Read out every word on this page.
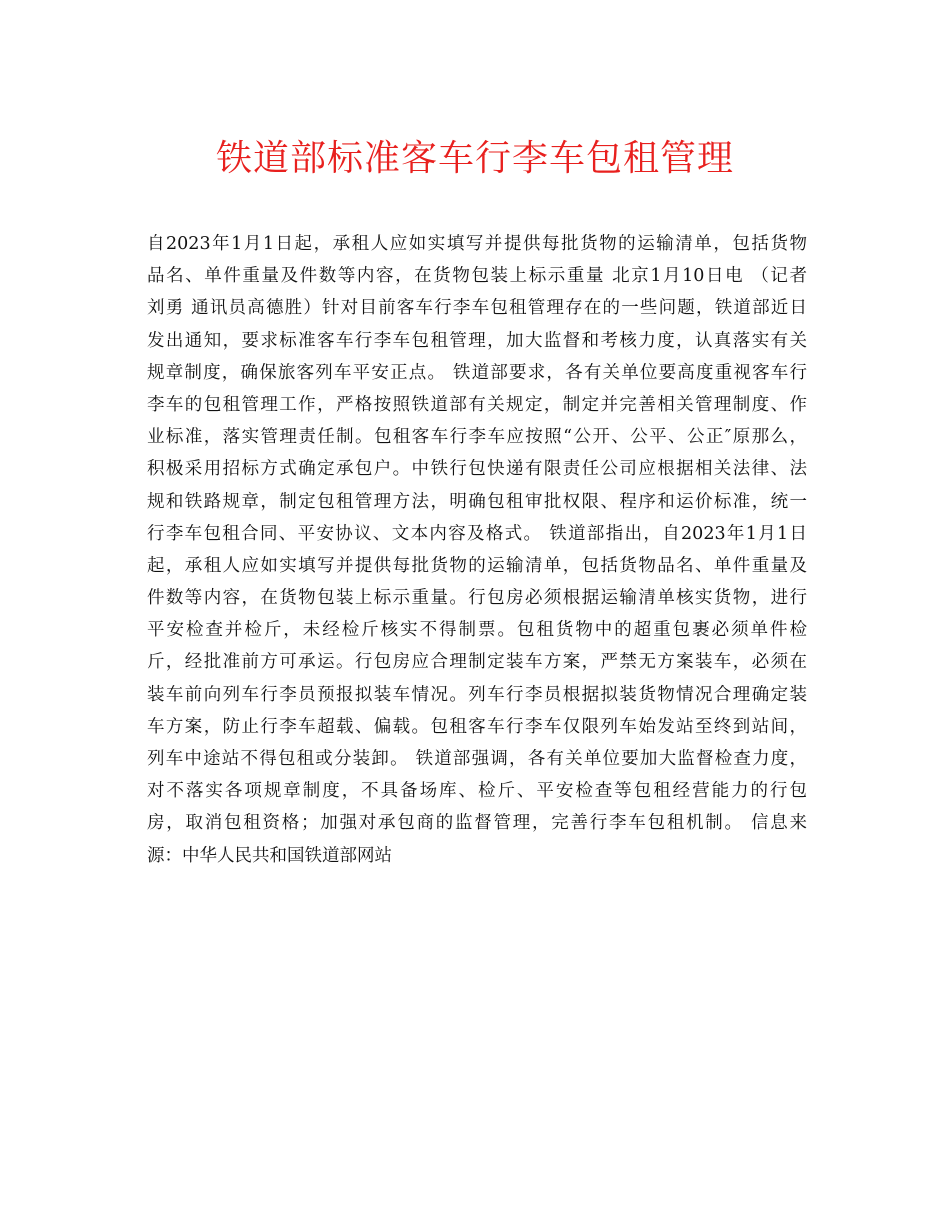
铁道部标准客车行李车包租管理
自2023年1月1日起，承租人应如实填写并提供每批货物的运输清单，包括货物
品名、单件重量及件数等内容，在货物包装上标示重量 北京1月10日电 （记者
刘勇 通讯员高德胜）针对目前客车行李车包租管理存在的一些问题，铁道部近日
发出通知，要求标准客车行李车包租管理，加大监督和考核力度，认真落实有关
规章制度，确保旅客列车平安正点。 铁道部要求，各有关单位要高度重视客车行
李车的包租管理工作，严格按照铁道部有关规定，制定并完善相关管理制度、作
业标准，落实管理责任制。包租客车行李车应按照“公开、公平、公正″原那么，
积极采用招标方式确定承包户。中铁行包快递有限责任公司应根据相关法律、法
规和铁路规章，制定包租管理方法，明确包租审批权限、程序和运价标准，统一
行李车包租合同、平安协议、文本内容及格式。 铁道部指出，自2023年1月1日
起，承租人应如实填写并提供每批货物的运输清单，包括货物品名、单件重量及
件数等内容，在货物包装上标示重量。行包房必须根据运输清单核实货物，进行
平安检查并检斤，未经检斤核实不得制票。包租货物中的超重包裹必须单件检
斤，经批准前方可承运。行包房应合理制定装车方案，严禁无方案装车，必须在
装车前向列车行李员预报拟装车情况。列车行李员根据拟装货物情况合理确定装
车方案，防止行李车超载、偏载。包租客车行李车仅限列车始发站至终到站间，
列车中途站不得包租或分装卸。 铁道部强调，各有关单位要加大监督检查力度，
对不落实各项规章制度，不具备场库、检斤、平安检查等包租经营能力的行包
房，取消包租资格；加强对承包商的监督管理，完善行李车包租机制。 信息来
源：中华人民共和国铁道部网站
